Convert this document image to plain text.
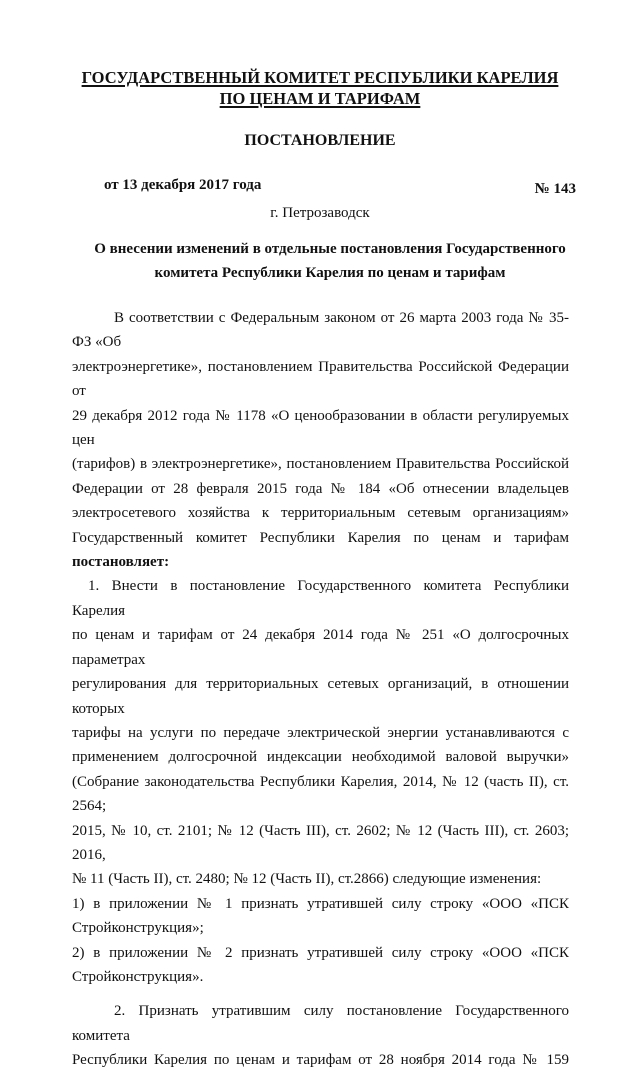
ГОСУДАРСТВЕННЫЙ КОМИТЕТ РЕСПУБЛИКИ КАРЕЛИЯ
ПО ЦЕНАМ И ТАРИФАМ
ПОСТАНОВЛЕНИЕ
от 13 декабря 2017 года	№ 143
г. Петрозаводск
О внесении изменений в отдельные постановления Государственного
комитета Республики Карелия по ценам и тарифам

В соответствии с Федеральным законом от 26 марта 2003 года № 35-ФЗ «Об

электроэнергетике», постановлением Правительства Российской Федерации от

29 декабря 2012 года № 1178 «О ценообразовании в области регулируемых цен

(тарифов) в электроэнергетике», постановлением Правительства Российской

Федерации от 28 февраля 2015 года № 184 «Об отнесении владельцев

электросетевого хозяйства к территориальным сетевым организациям»

Государственный комитет Республики Карелия по ценам и тарифам

постановляет:

1. Внести в постановление Государственного комитета Республики Карелия

по ценам и тарифам от 24 декабря 2014 года № 251 «О долгосрочных параметрах

регулирования для территориальных сетевых организаций, в отношении которых

тарифы на услуги по передаче электрической энергии устанавливаются с

применением долгосрочной индексации необходимой валовой выручки»

(Собрание законодательства Республики Карелия, 2014, № 12 (часть II), ст. 2564;

2015, № 10, ст. 2101; № 12 (Часть III), ст. 2602; № 12 (Часть III), ст. 2603; 2016,

№ 11 (Часть II), ст. 2480; № 12 (Часть II), ст.2866) следующие изменения:

1) в приложении № 1 признать утратившей силу строку «ООО «ПСК

Стройконструкция»;

2) в приложении № 2 признать утратившей силу строку «ООО «ПСК

Стройконструкция».

2. Признать утратившим силу постановление Государственного комитета

Республики Карелия по ценам и тарифам от 28 ноября 2014 года № 159
